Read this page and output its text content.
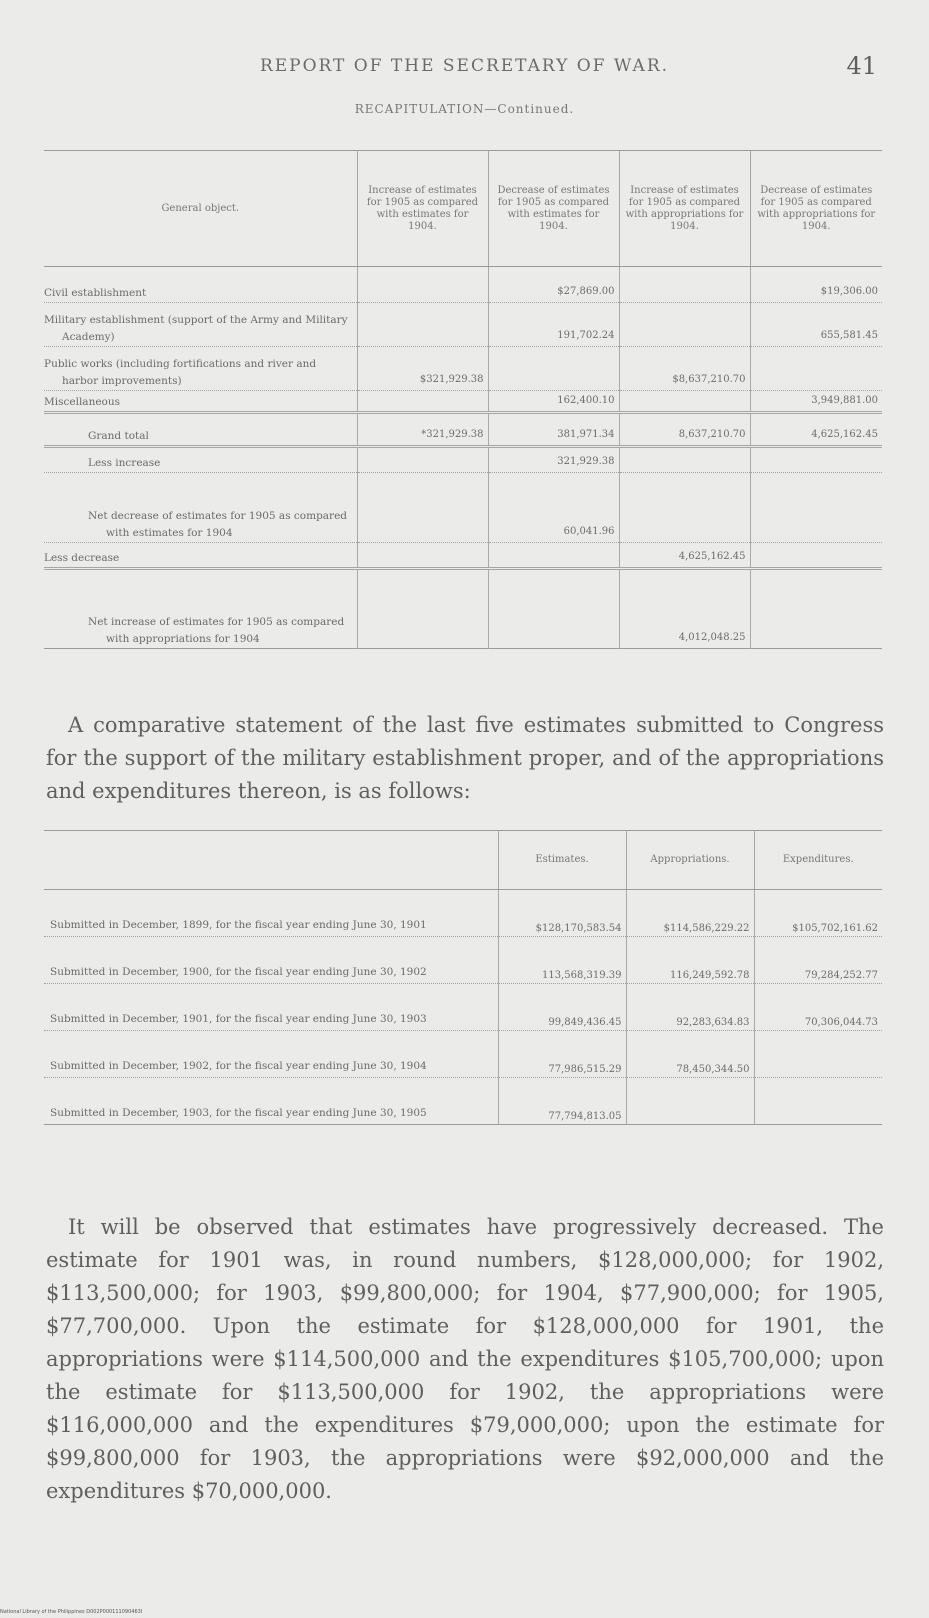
REPORT OF THE SECRETARY OF WAR.	41
RECAPITULATION—Continued.
General object.	Increase of estimates for 1905 as compared with estimates for 1904.	Decrease of estimates for 1905 as compared with estimates for 1904.	Increase of estimates for 1905 as compared with appropriations for 1904.	Decrease of estimates for 1905 as compared with appropriations for 1904.
Civil establishment		$27,869.00		$19,306.00
Military establishment (support of the Army and Military Academy)		191,702.24		655,581.45
Public works (including fortifications and river and harbor improvements)	$321,929.38		$8,637,210.70	
Miscellaneous		162,400.10		3,949,881.00
Grand total	*321,929.38	381,971.34	8,637,210.70	4,625,162.45
Less increase		321,929.38		
Net decrease of estimates for 1905 as compared with estimates for 1904		60,041.96		
Less decrease			4,625,162.45	
Net increase of estimates for 1905 as compared with appropriations for 1904			4,012,048.25	

A comparative statement of the last five estimates submitted to Congress for the support of the military establishment proper, and of the appropriations and expenditures thereon, is as follows:

	Estimates.	Appropriations.	Expenditures.
Submitted in December, 1899, for the fiscal year ending June 30, 1901	$128,170,583.54	$114,586,229.22	$105,702,161.62
Submitted in December, 1900, for the fiscal year ending June 30, 1902	113,568,319.39	116,249,592.78	79,284,252.77
Submitted in December, 1901, for the fiscal year ending June 30, 1903	99,849,436.45	92,283,634.83	70,306,044.73
Submitted in December, 1902, for the fiscal year ending June 30, 1904	77,986,515.29	78,450,344.50	
Submitted in December, 1903, for the fiscal year ending June 30, 1905	77,794,813.05		

It will be observed that estimates have progressively decreased. The estimate for 1901 was, in round numbers, $128,000,000; for 1902, $113,500,000; for 1903, $99,800,000; for 1904, $77,900,000; for 1905, $77,700,000. Upon the estimate for $128,000,000 for 1901, the appropriations were $114,500,000 and the expenditures $105,700,000; upon the estimate for $113,500,000 for 1902, the appropriations were $116,000,000 and the expenditures $79,000,000; upon the estimate for $99,800,000 for 1903, the appropriations were $92,000,000 and the expenditures $70,000,000.

National Library of the Philippines D002P000111090463l
